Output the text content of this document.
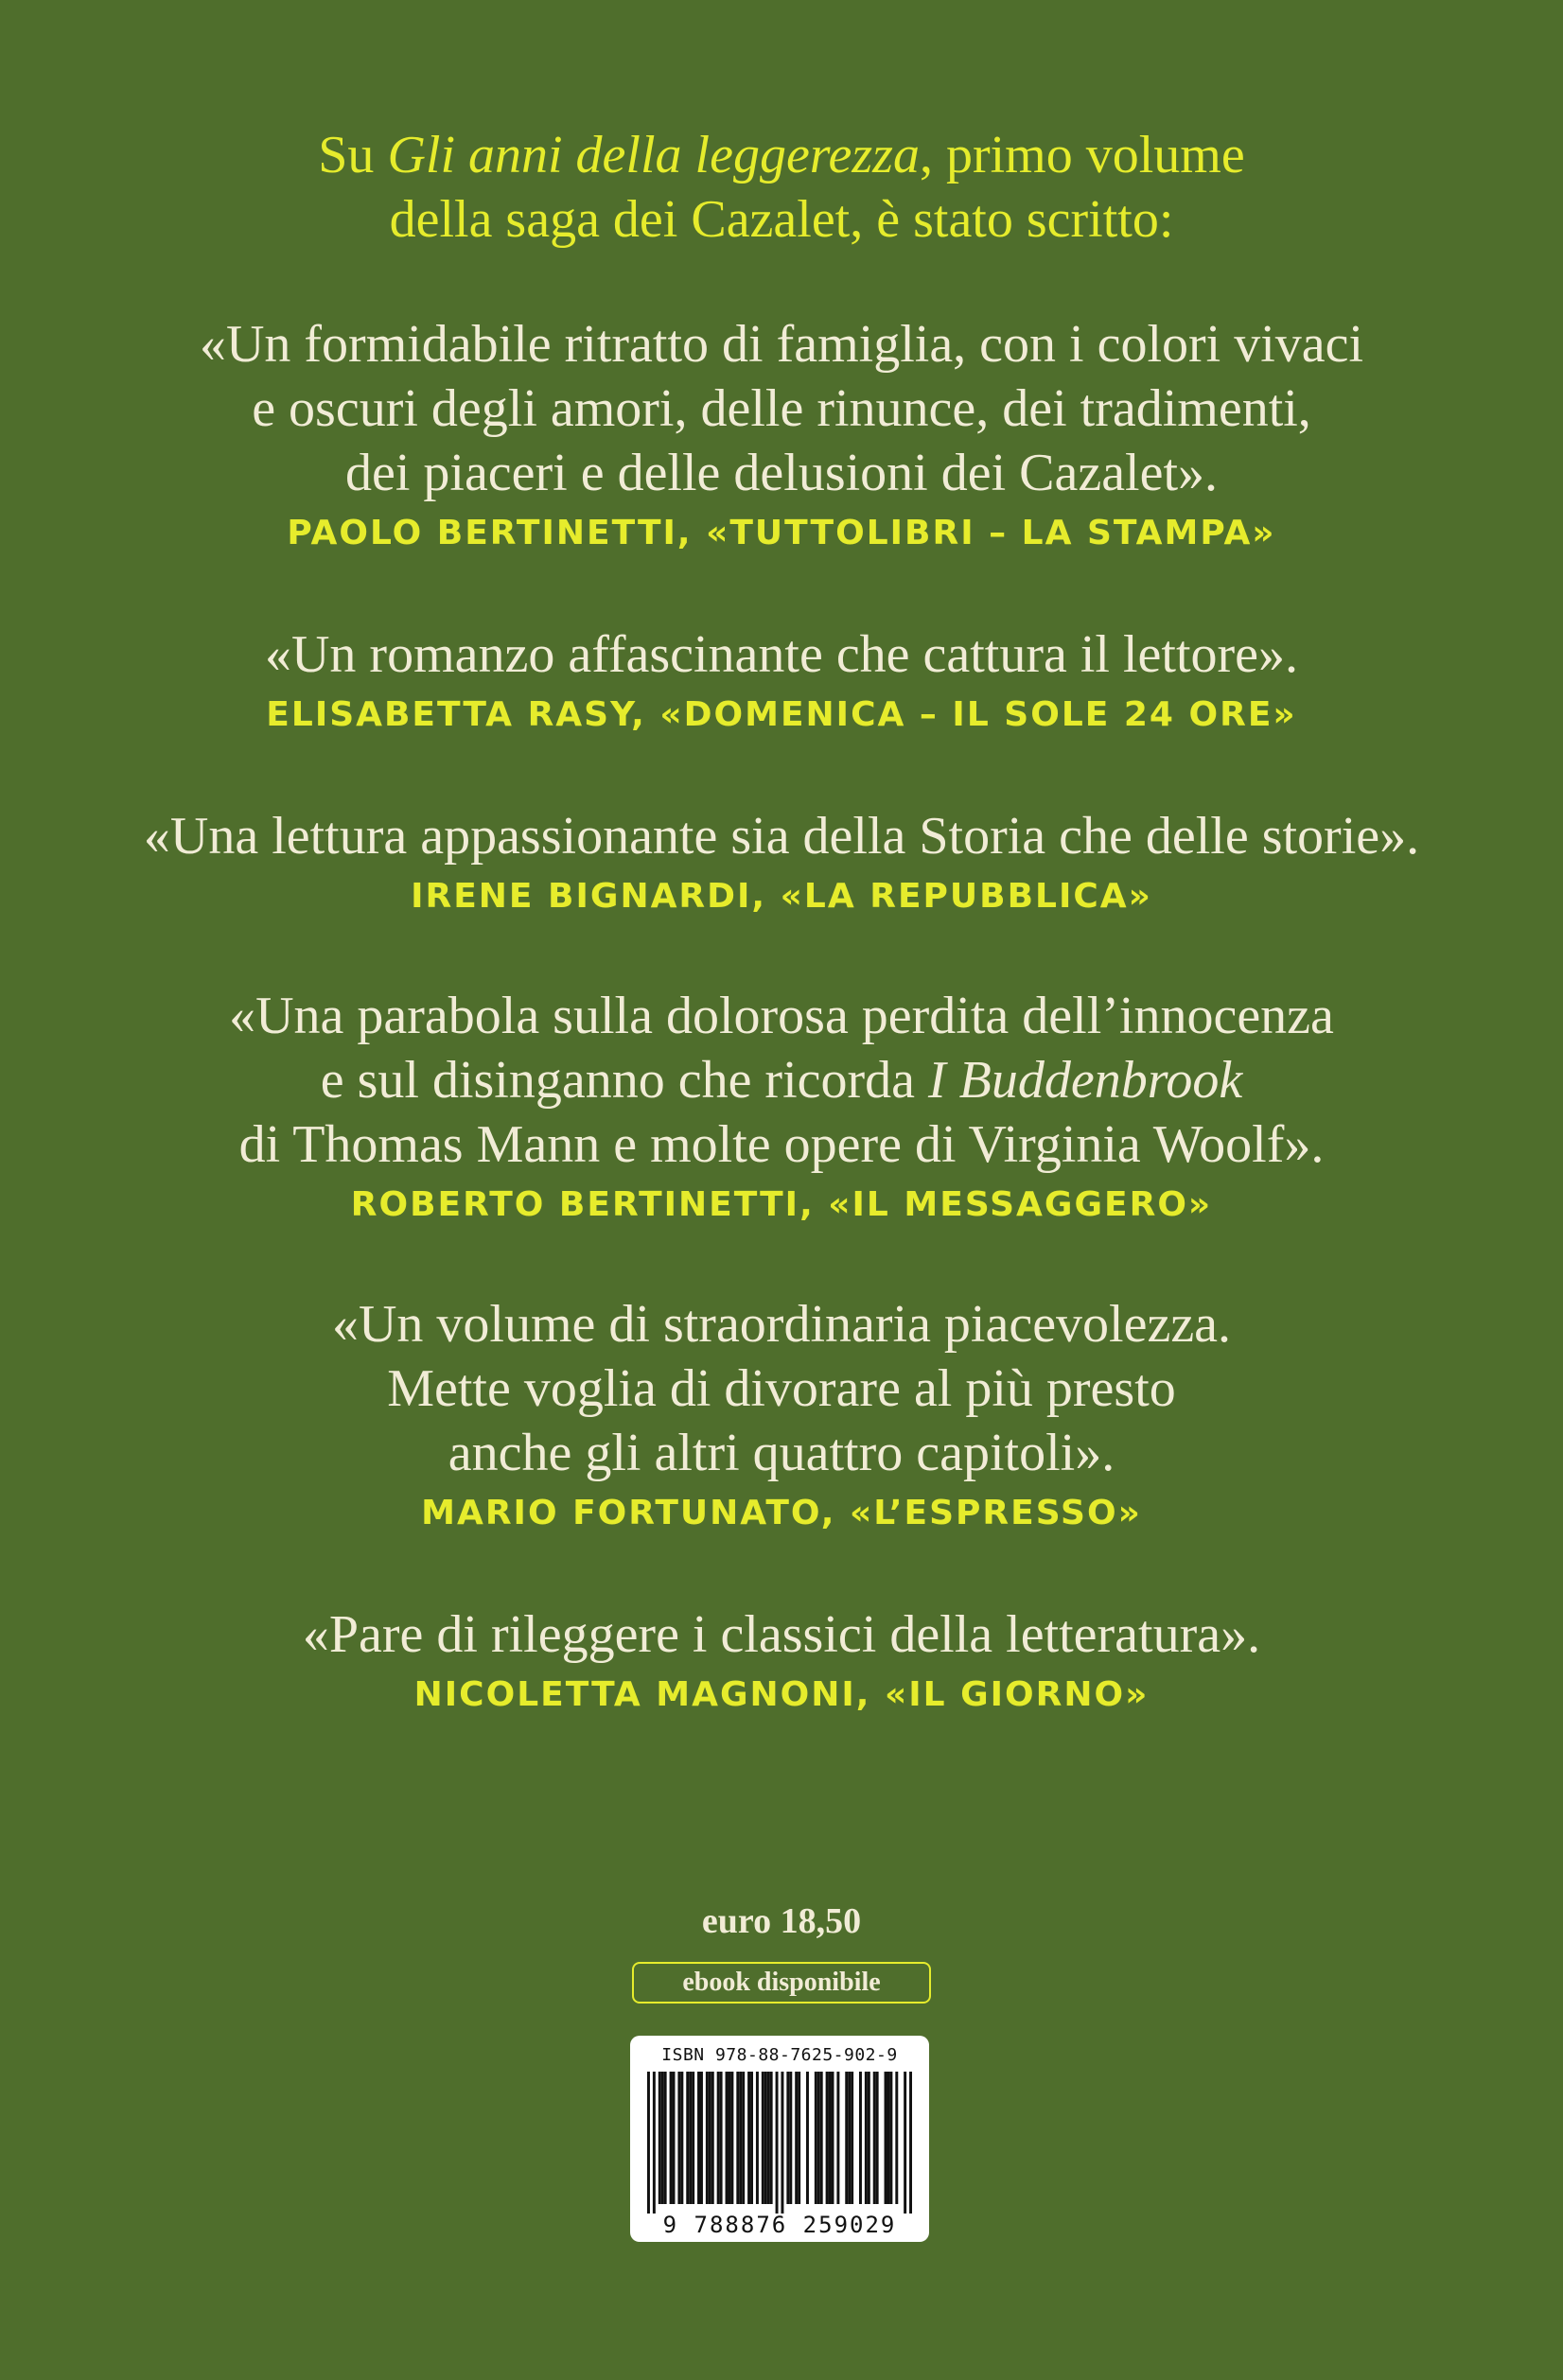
Su Gli anni della leggerezza, primo volume
della saga dei Cazalet, è stato scritto:
«Un formidabile ritratto di famiglia, con i colori vivaci
e oscuri degli amori, delle rinunce, dei tradimenti,
dei piaceri e delle delusioni dei Cazalet».
PAOLO BERTINETTI, «TUTTOLIBRI – LA STAMPA»
«Un romanzo affascinante che cattura il lettore».
ELISABETTA RASY, «DOMENICA – IL SOLE 24 ORE»
«Una lettura appassionante sia della Storia che delle storie».
IRENE BIGNARDI, «LA REPUBBLICA»
«Una parabola sulla dolorosa perdita dell’innocenza
e sul disinganno che ricorda I Buddenbrook
di Thomas Mann e molte opere di Virginia Woolf».
ROBERTO BERTINETTI, «IL MESSAGGERO»
«Un volume di straordinaria piacevolezza.
Mette voglia di divorare al più presto
anche gli altri quattro capitoli».
MARIO FORTUNATO, «L’ESPRESSO»
«Pare di rileggere i classici della letteratura».
NICOLETTA MAGNONI, «IL GIORNO»
euro 18,50
ebook disponibile
ISBN 978-88-7625-902-9
9 788876 259029
